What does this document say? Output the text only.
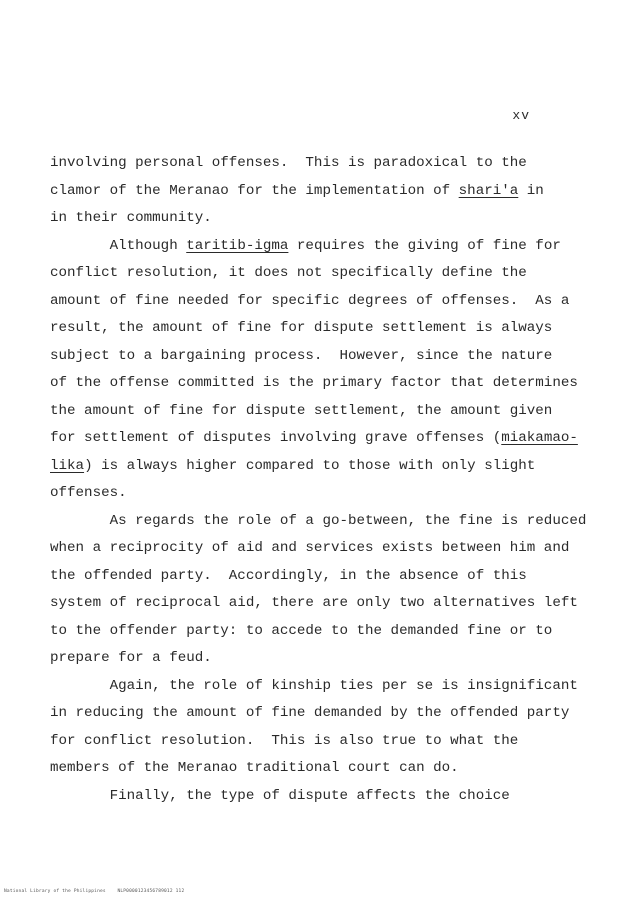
xv
involving personal offenses.  This is paradoxical to the
clamor of the Meranao for the implementation of shari'a in
in their community.
Although taritib-igma requires the giving of fine for
conflict resolution, it does not specifically define the
amount of fine needed for specific degrees of offenses.  As a
result, the amount of fine for dispute settlement is always
subject to a bargaining process.  However, since the nature
of the offense committed is the primary factor that determines
the amount of fine for dispute settlement, the amount given
for settlement of disputes involving grave offenses (miakamao-
lika) is always higher compared to those with only slight
offenses.
As regards the role of a go-between, the fine is reduced
when a reciprocity of aid and services exists between him and
the offended party.  Accordingly, in the absence of this
system of reciprocal aid, there are only two alternatives left
to the offender party: to accede to the demanded fine or to
prepare for a feud.
Again, the role of kinship ties per se is insignificant
in reducing the amount of fine demanded by the offended party
for conflict resolution.  This is also true to what the
members of the Meranao traditional court can do.
Finally, the type of dispute affects the choice
National Library of the Philippines    NLP0000123456789012 112
